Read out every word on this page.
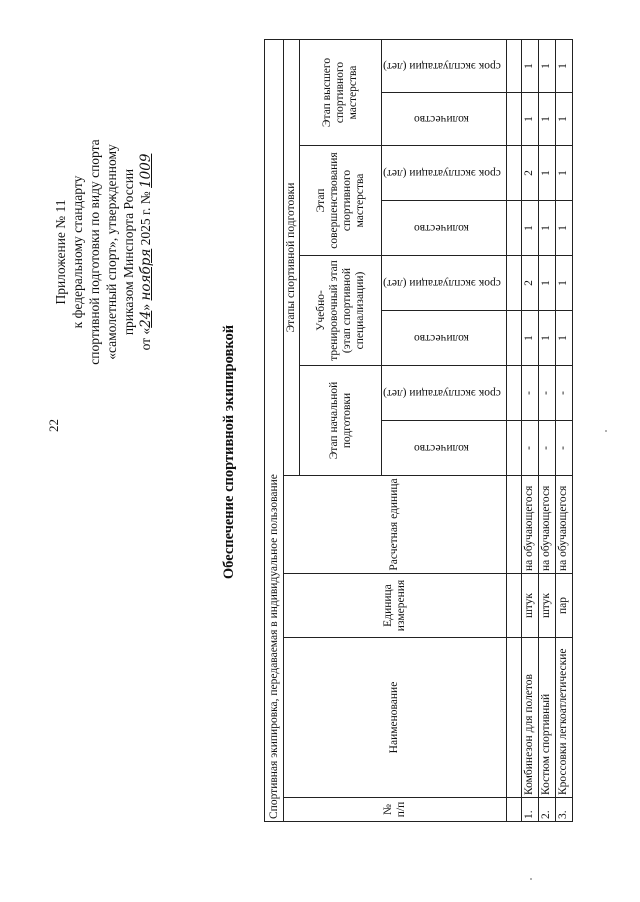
22
Приложение № 11 к федеральному стандарту спортивной подготовки по виду спорта «самолетный спорт», утвержденному приказом Минспорта России
от «24» ноября 2025 г. № 1009
Обеспечение спортивной экипировкой
Спортивная экипировка, передаваемая в индивидуальное пользование											
№ п/п	Наименование	Единица измерения	Расчетная единица	Этапы спортивной подготовки							
				Этап начальной подготовки		Учебно-тренировочный этап (этап спортивной специализации)		Этап совершенствования спортивного мастерства		Этап высшего спортивного мастерства	
				количество	срок эксплуатации (лет)	количество	срок эксплуатации (лет)	количество	срок эксплуатации (лет)	количество	срок эксплуатации (лет)

1.	Комбинезон для полетов	штук	на обучающегося	-	-	1	2	1	2	1	1
2.	Костюм спортивный	штук	на обучающегося	-	-	1	1	1	1	1	1
3.	Кроссовки легкоатлетические	пар	на обучающегося	-	-	1	1	1	1	1	1
